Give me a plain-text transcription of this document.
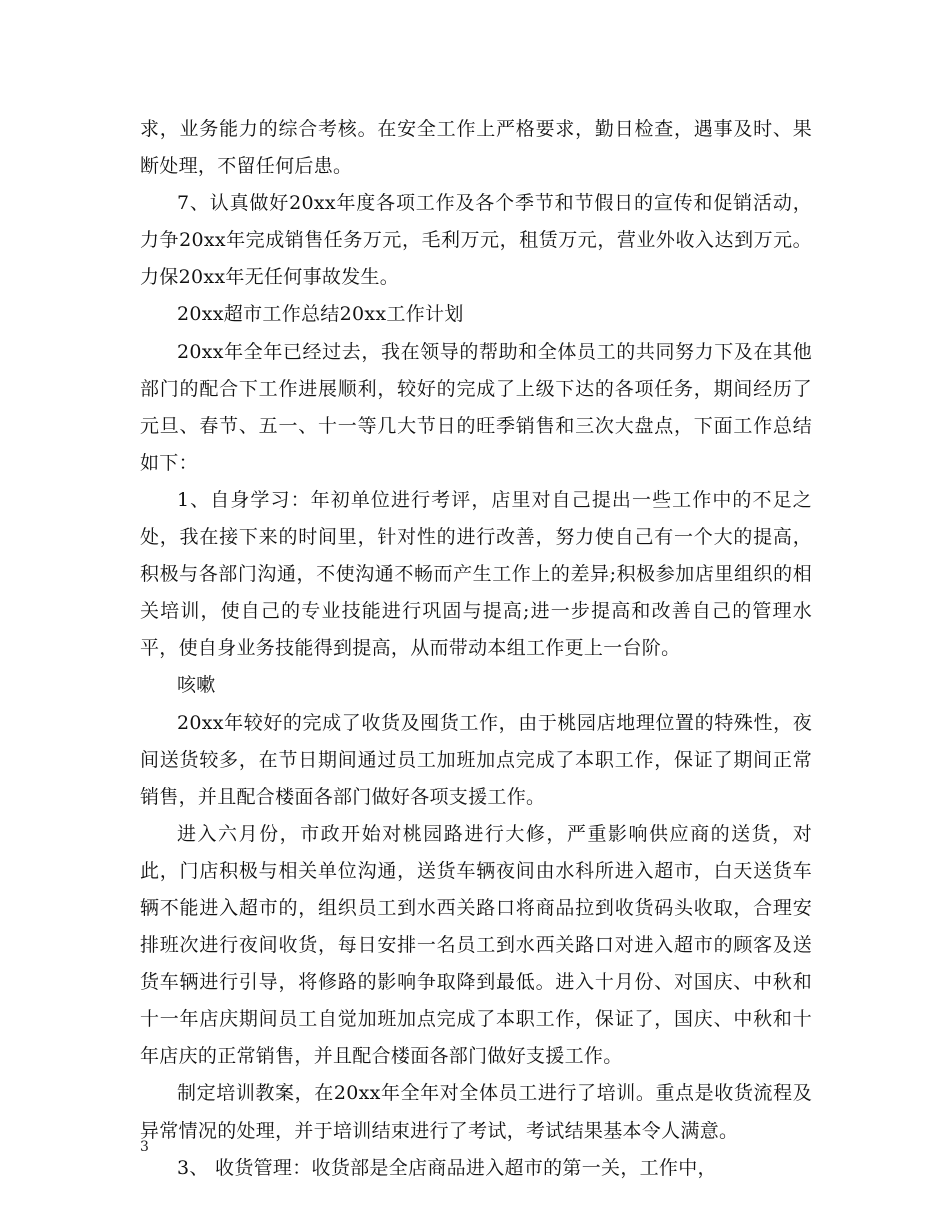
求，业务能力的综合考核。在安全工作上严格要求，勤日检查，遇事及时、果断处理，不留任何后患。

7、认真做好20xx年度各项工作及各个季节和节假日的宣传和促销活动，力争20xx年完成销售任务万元，毛利万元，租赁万元，营业外收入达到万元。力保20xx年无任何事故发生。

20xx超市工作总结20xx工作计划

20xx年全年已经过去，我在领导的帮助和全体员工的共同努力下及在其他部门的配合下工作进展顺利，较好的完成了上级下达的各项任务，期间经历了元旦、春节、五一、十一等几大节日的旺季销售和三次大盘点，下面工作总结如下：

1、自身学习：年初单位进行考评，店里对自己提出一些工作中的不足之处，我在接下来的时间里，针对性的进行改善，努力使自己有一个大的提高，积极与各部门沟通，不使沟通不畅而产生工作上的差异;积极参加店里组织的相关培训，使自己的专业技能进行巩固与提高;进一步提高和改善自己的管理水平，使自身业务技能得到提高，从而带动本组工作更上一台阶。

咳嗽

20xx年较好的完成了收货及囤货工作，由于桃园店地理位置的特殊性，夜间送货较多，在节日期间通过员工加班加点完成了本职工作，保证了期间正常销售，并且配合楼面各部门做好各项支援工作。

进入六月份，市政开始对桃园路进行大修，严重影响供应商的送货，对此，门店积极与相关单位沟通，送货车辆夜间由水科所进入超市，白天送货车辆不能进入超市的，组织员工到水西关路口将商品拉到收货码头收取，合理安排班次进行夜间收货，每日安排一名员工到水西关路口对进入超市的顾客及送货车辆进行引导，将修路的影响争取降到最低。进入十月份、对国庆、中秋和十一年店庆期间员工自觉加班加点完成了本职工作，保证了，国庆、中秋和十年店庆的正常销售，并且配合楼面各部门做好支援工作。

制定培训教案，在20xx年全年对全体员工进行了培训。重点是收货流程及异常情况的处理，并于培训结束进行了考试，考试结果基本令人满意。

3、 收货管理：收货部是全店商品进入超市的第一关，工作中，

3
